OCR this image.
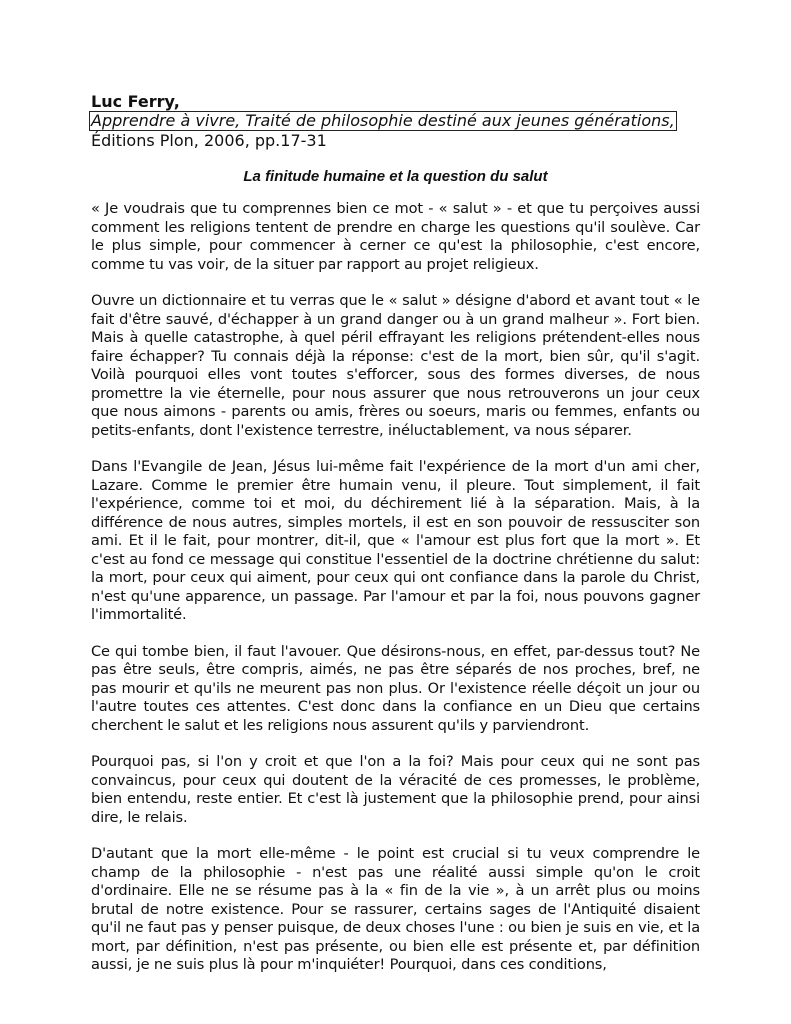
Luc Ferry,
Apprendre à vivre, Traité de philosophie destiné aux jeunes générations,
Éditions Plon, 2006, pp.17-31
La finitude humaine et la question du salut

« Je voudrais que tu comprennes bien ce mot - « salut » - et que tu perçoives aussi comment les religions tentent de prendre en charge les questions qu'il soulève. Car le plus simple, pour commencer à cerner ce qu'est la philosophie, c'est encore, comme tu vas voir, de la situer par rapport au projet religieux.

Ouvre un dictionnaire et tu verras que le « salut » désigne d'abord et avant tout « le fait d'être sauvé, d'échapper à un grand danger ou à un grand malheur ». Fort bien. Mais à quelle catastrophe, à quel péril effrayant les religions prétendent-elles nous faire échapper? Tu connais déjà la réponse: c'est de la mort, bien sûr, qu'il s'agit. Voilà pourquoi elles vont toutes s'efforcer, sous des formes diverses, de nous promettre la vie éternelle, pour nous assurer que nous retrouverons un jour ceux que nous aimons - parents ou amis, frères ou soeurs, maris ou femmes, enfants ou petits-enfants, dont l'existence terrestre, inéluctablement, va nous séparer.

Dans l'Evangile de Jean, Jésus lui-même fait l'expérience de la mort d'un ami cher, Lazare. Comme le premier être humain venu, il pleure. Tout simplement, il fait l'expérience, comme toi et moi, du déchirement lié à la séparation. Mais, à la différence de nous autres, simples mortels, il est en son pouvoir de ressusciter son ami. Et il le fait, pour montrer, dit-il, que « l'amour est plus fort que la mort ». Et c'est au fond ce message qui constitue l'essentiel de la doctrine chrétienne du salut: la mort, pour ceux qui aiment, pour ceux qui ont confiance dans la parole du Christ, n'est qu'une apparence, un passage. Par l'amour et par la foi, nous pouvons gagner l'immortalité.

Ce qui tombe bien, il faut l'avouer. Que désirons-nous, en effet, par-dessus tout? Ne pas être seuls, être compris, aimés, ne pas être séparés de nos proches, bref, ne pas mourir et qu'ils ne meurent pas non plus. Or l'existence réelle déçoit un jour ou l'autre toutes ces attentes. C'est donc dans la confiance en un Dieu que certains cherchent le salut et les religions nous assurent qu'ils y parviendront.

Pourquoi pas, si l'on y croit et que l'on a la foi? Mais pour ceux qui ne sont pas convaincus, pour ceux qui doutent de la véracité de ces promesses, le problème, bien entendu, reste entier. Et c'est là justement que la philosophie prend, pour ainsi dire, le relais.

D'autant que la mort elle-même - le point est crucial si tu veux comprendre le champ de la philosophie - n'est pas une réalité aussi simple qu'on le croit d'ordinaire. Elle ne se résume pas à la « fin de la vie », à un arrêt plus ou moins brutal de notre existence. Pour se rassurer, certains sages de l'Antiquité disaient qu'il ne faut pas y penser puisque, de deux choses l'une : ou bien je suis en vie, et la mort, par définition, n'est pas présente, ou bien elle est présente et, par définition aussi, je ne suis plus là pour m'inquiéter! Pourquoi, dans ces conditions,
